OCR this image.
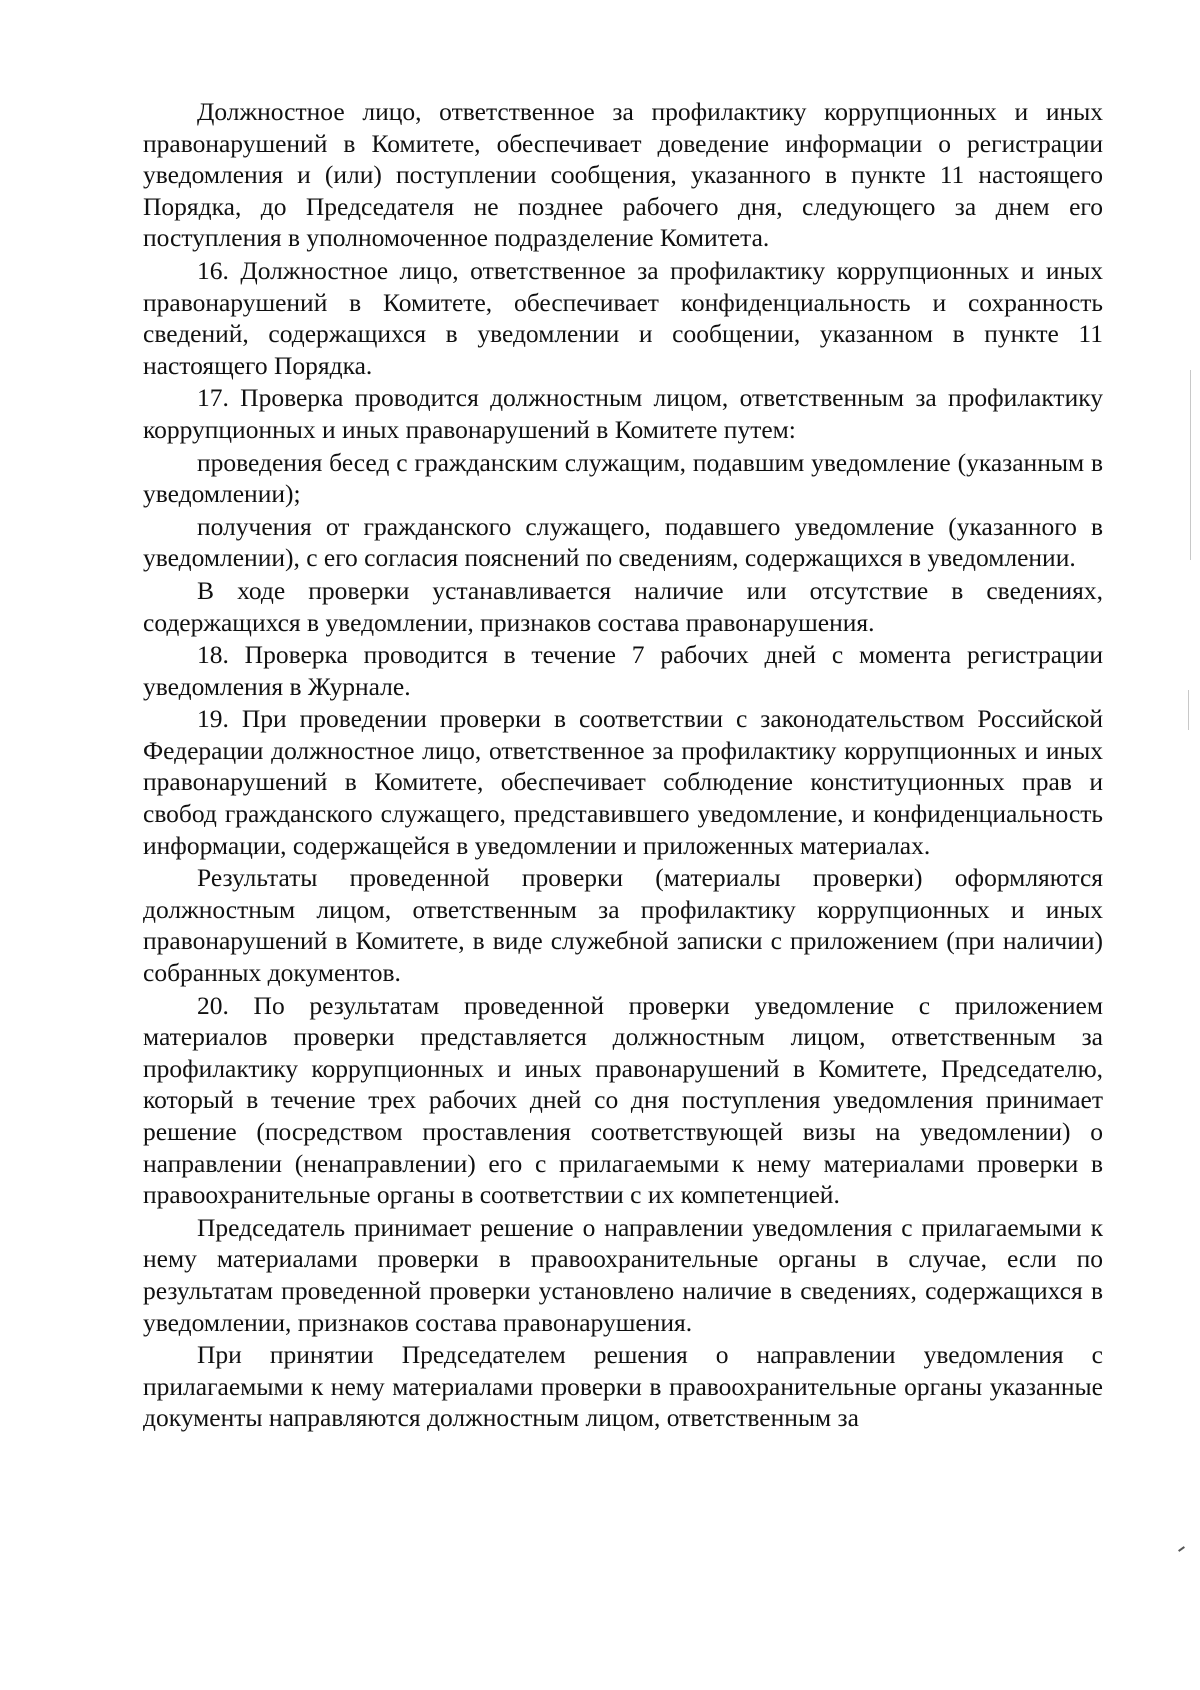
Должностное лицо, ответственное за профилактику коррупционных и иных правонарушений в Комитете, обеспечивает доведение информации о регистрации уведомления и (или) поступлении сообщения, указанного в пункте 11 настоящего Порядка, до Председателя не позднее рабочего дня, следующего за днем его поступления в уполномоченное подразделение Комитета.

16. Должностное лицо, ответственное за профилактику коррупционных и иных правонарушений в Комитете, обеспечивает конфиденциальность и сохранность сведений, содержащихся в уведомлении и сообщении, указанном в пункте 11 настоящего Порядка.

17. Проверка проводится должностным лицом, ответственным за профилактику коррупционных и иных правонарушений в Комитете путем:

проведения бесед с гражданским служащим, подавшим уведомление (указанным в уведомлении);

получения от гражданского служащего, подавшего уведомление (указанного в уведомлении), с его согласия пояснений по сведениям, содержащихся в уведомлении.

В ходе проверки устанавливается наличие или отсутствие в сведениях, содержащихся в уведомлении, признаков состава правонарушения.

18. Проверка проводится в течение 7 рабочих дней с момента регистрации уведомления в Журнале.

19. При проведении проверки в соответствии с законодательством Российской Федерации должностное лицо, ответственное за профилактику коррупционных и иных правонарушений в Комитете, обеспечивает соблюдение конституционных прав и свобод гражданского служащего, представившего уведомление, и конфиденциальность информации, содержащейся в уведомлении и приложенных материалах.

Результаты проведенной проверки (материалы проверки) оформляются должностным лицом, ответственным за профилактику коррупционных и иных правонарушений в Комитете, в виде служебной записки с приложением (при наличии) собранных документов.

20. По результатам проведенной проверки уведомление с приложением материалов проверки представляется должностным лицом, ответственным за профилактику коррупционных и иных правонарушений в Комитете, Председателю, который в течение трех рабочих дней со дня поступления уведомления принимает решение (посредством проставления соответствующей визы на уведомлении) о направлении (ненаправлении) его с прилагаемыми к нему материалами проверки в правоохранительные органы в соответствии с их компетенцией.

Председатель принимает решение о направлении уведомления с прилагаемыми к нему материалами проверки в правоохранительные органы в случае, если по результатам проведенной проверки установлено наличие в сведениях, содержащихся в уведомлении, признаков состава правонарушения.

При принятии Председателем решения о направлении уведомления с прилагаемыми к нему материалами проверки в правоохранительные органы указанные документы направляются должностным лицом, ответственным за
